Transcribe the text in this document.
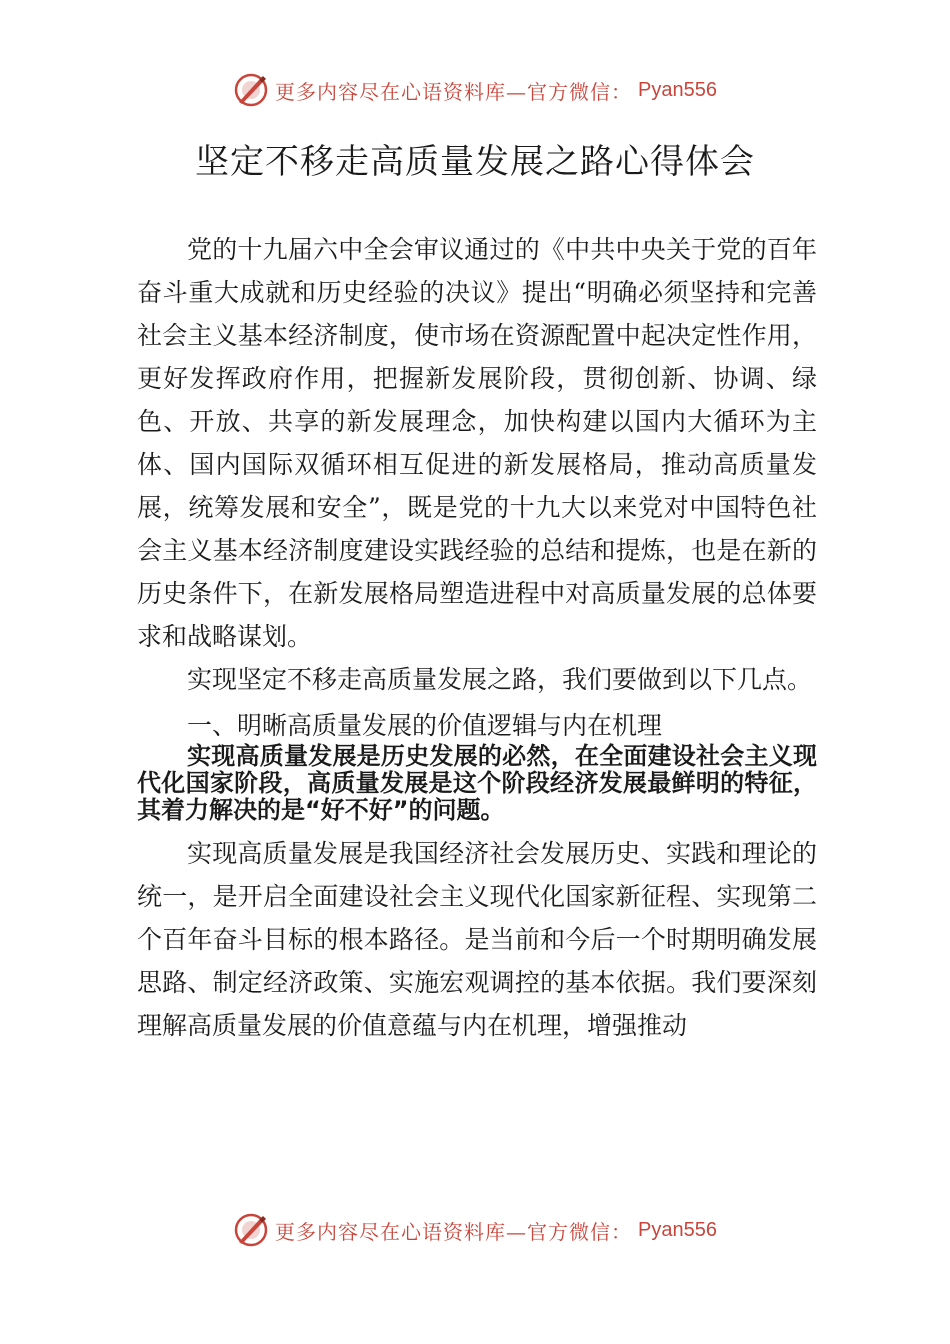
更多内容尽在心语资料库—官方微信： Pyan556
坚定不移走高质量发展之路心得体会

党的十九届六中全会审议通过的《中共中央关于党的百年奋斗重大成就和历史经验的决议》提出“明确必须坚持和完善社会主义基本经济制度，使市场在资源配置中起决定性作用，更好发挥政府作用，把握新发展阶段，贯彻创新、协调、绿色、开放、共享的新发展理念，加快构建以国内大循环为主体、国内国际双循环相互促进的新发展格局，推动高质量发展，统筹发展和安全”，既是党的十九大以来党对中国特色社会主义基本经济制度建设实践经验的总结和提炼，也是在新的历史条件下，在新发展格局塑造进程中对高质量发展的总体要求和战略谋划。

实现坚定不移走高质量发展之路，我们要做到以下几点。

一、明晰高质量发展的价值逻辑与内在机理

实现高质量发展是历史发展的必然，在全面建设社会主义现代化国家阶段，高质量发展是这个阶段经济发展最鲜明的特征，其着力解决的是“好不好”的问题。

实现高质量发展是我国经济社会发展历史、实践和理论的统一，是开启全面建设社会主义现代化国家新征程、实现第二个百年奋斗目标的根本路径。是当前和今后一个时期明确发展思路、制定经济政策、实施宏观调控的基本依据。我们要深刻理解高质量发展的价值意蕴与内在机理，增强推动

更多内容尽在心语资料库—官方微信： Pyan556
